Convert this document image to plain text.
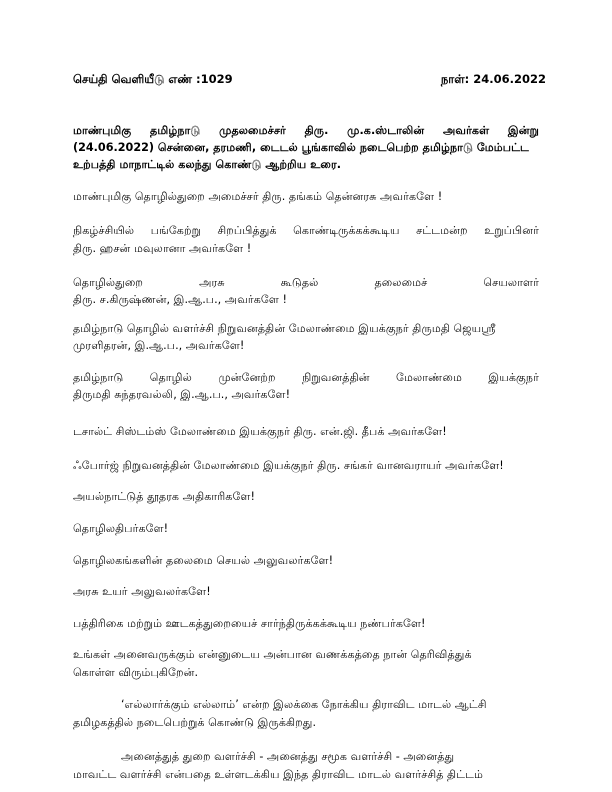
செய்தி வெளியீடு எண் :1029	நாள்: 24.06.2022
மாண்புமிகு தமிழ்நாடு முதலமைச்சர் திரு. மு.க.ஸ்டாலின் அவர்கள் இன்று
(24.06.2022) சென்னை, தரமணி, டைடல் பூங்காவில் நடைபெற்ற தமிழ்நாடு மேம்பட்ட
உற்பத்தி மாநாட்டில் கலந்து கொண்டு ஆற்றிய உரை.
மாண்புமிகு தொழில்துறை அமைச்சர் திரு. தங்கம் தென்னரசு அவர்களே !
நிகழ்ச்சியில் பங்கேற்று சிறப்பித்துக் கொண்டிருக்கக்கூடிய சட்டமன்ற உறுப்பினர்
திரு. ஹசன் மவுலானா அவர்களே !
தொழில்துறை	அரசு	கூடுதல்	தலைமைச்	செயலாளர்
திரு. ச.கிருஷ்ணன், இ.ஆ.ப., அவர்களே !
தமிழ்நாடு தொழில் வளர்ச்சி நிறுவனத்தின் மேலாண்மை இயக்குநர் திருமதி ஜெயஸ்ரீ
முரளிதரன், இ.ஆ.ப., அவர்களே!
தமிழ்நாடு தொழில் முன்னேற்ற நிறுவனத்தின் மேலாண்மை இயக்குநர்
திருமதி சுந்தரவல்லி, இ.ஆ.ப., அவர்களே!
டசால்ட் சிஸ்டம்ஸ் மேலாண்மை இயக்குநர் திரு. என்.ஜி. தீபக் அவர்களே!
ஃபோர்ஜ் நிறுவனத்தின் மேலாண்மை இயக்குநர் திரு. சங்கர் வானவராயர் அவர்களே!
அயல்நாட்டுத் தூதரக அதிகாரிகளே!
தொழிலதிபர்களே!
தொழிலகங்களின் தலைமை செயல் அலுவலர்களே!
அரசு உயர் அலுவலர்களே!
பத்திரிகை மற்றும் ஊடகத்துறையைச் சார்ந்திருக்கக்கூடிய நண்பர்களே!
உங்கள் அனைவருக்கும் என்னுடைய அன்பான வணக்கத்தை நான் தெரிவித்துக்
கொள்ள விரும்புகிறேன்.
‘எல்லார்க்கும் எல்லாம்’ என்ற இலக்கை நோக்கிய திராவிட மாடல் ஆட்சி
தமிழகத்தில் நடைபெற்றுக் கொண்டு இருக்கிறது.
அனைத்துத் துறை வளர்ச்சி - அனைத்து சமூக வளர்ச்சி - அனைத்து
மாவட்ட வளர்ச்சி என்பதை உள்ளடக்கிய இந்த திராவிட மாடல் வளர்ச்சித் திட்டம்
